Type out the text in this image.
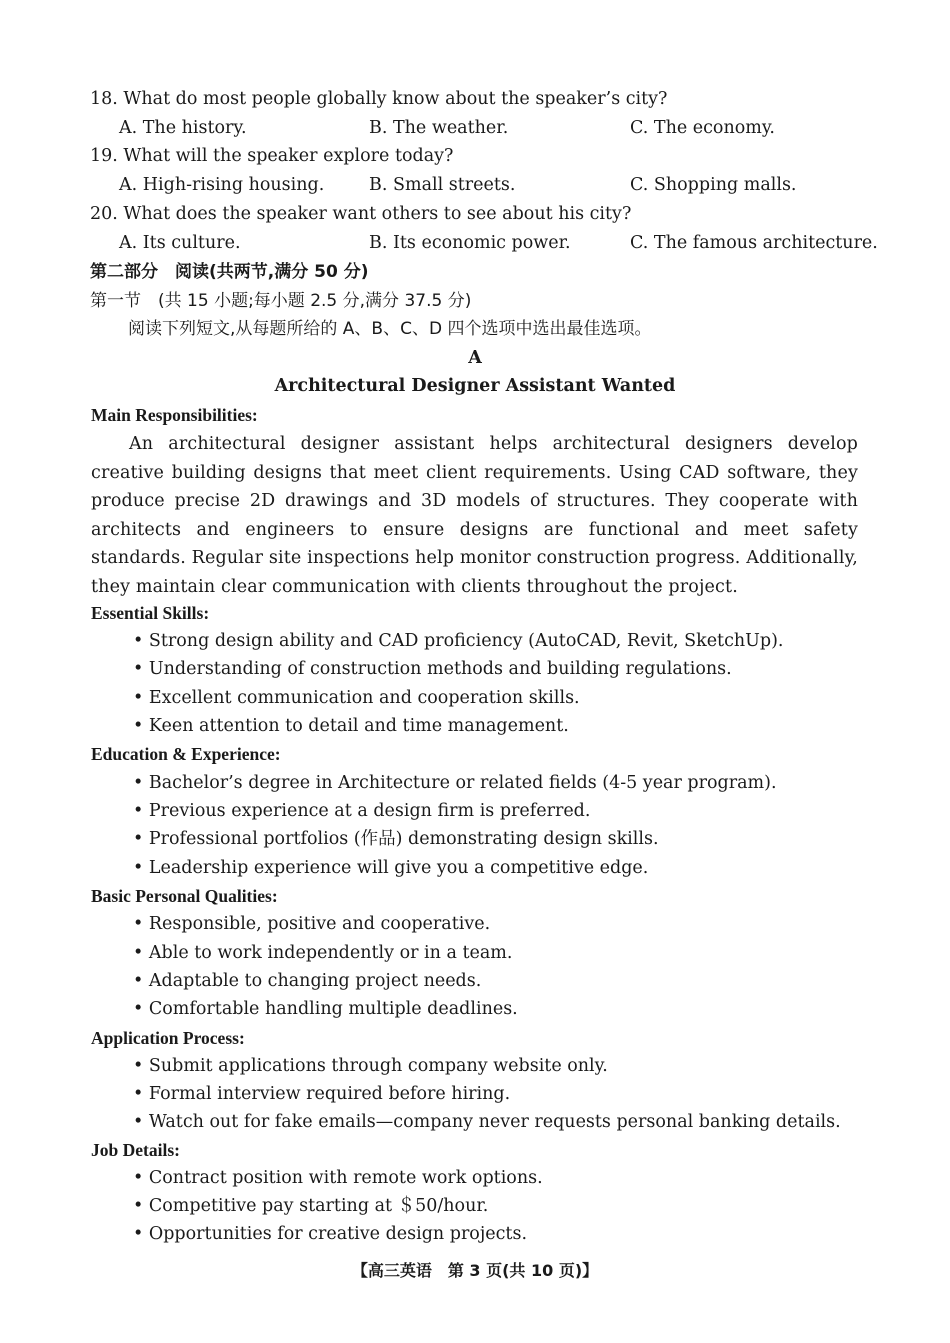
18. What do most people globally know about the speaker’s city?
A. The history.	B. The weather.	C. The economy.
19. What will the speaker explore today?
A. High-rising housing.	B. Small streets.	C. Shopping malls.
20. What does the speaker want others to see about his city?
A. Its culture.	B. Its economic power.	C. The famous architecture.
第二部分　阅读(共两节,满分 50 分)
第一节　(共 15 小题;每小题 2.5 分,满分 37.5 分)
阅读下列短文,从每题所给的 A、B、C、D 四个选项中选出最佳选项。
A
Architectural Designer Assistant Wanted
Main Responsibilities:
An architectural designer assistant helps architectural designers develop creative building designs that meet client requirements. Using CAD software, they produce precise 2D drawings and 3D models of structures. They cooperate with architects and engineers to ensure designs are functional and meet safety standards. Regular site inspections help monitor construction progress. Additionally, they maintain clear communication with clients throughout the project.
Essential Skills:
• Strong design ability and CAD proficiency (AutoCAD, Revit, SketchUp).
• Understanding of construction methods and building regulations.
• Excellent communication and cooperation skills.
• Keen attention to detail and time management.
Education & Experience:
• Bachelor’s degree in Architecture or related fields (4-5 year program).
• Previous experience at a design firm is preferred.
• Professional portfolios (作品) demonstrating design skills.
• Leadership experience will give you a competitive edge.
Basic Personal Qualities:
• Responsible, positive and cooperative.
• Able to work independently or in a team.
• Adaptable to changing project needs.
• Comfortable handling multiple deadlines.
Application Process:
• Submit applications through company website only.
• Formal interview required before hiring.
• Watch out for fake emails—company never requests personal banking details.
Job Details:
• Contract position with remote work options.
• Competitive pay starting at ＄50/hour.
• Opportunities for creative design projects.
【高三英语　第 3 页(共 10 页)】
